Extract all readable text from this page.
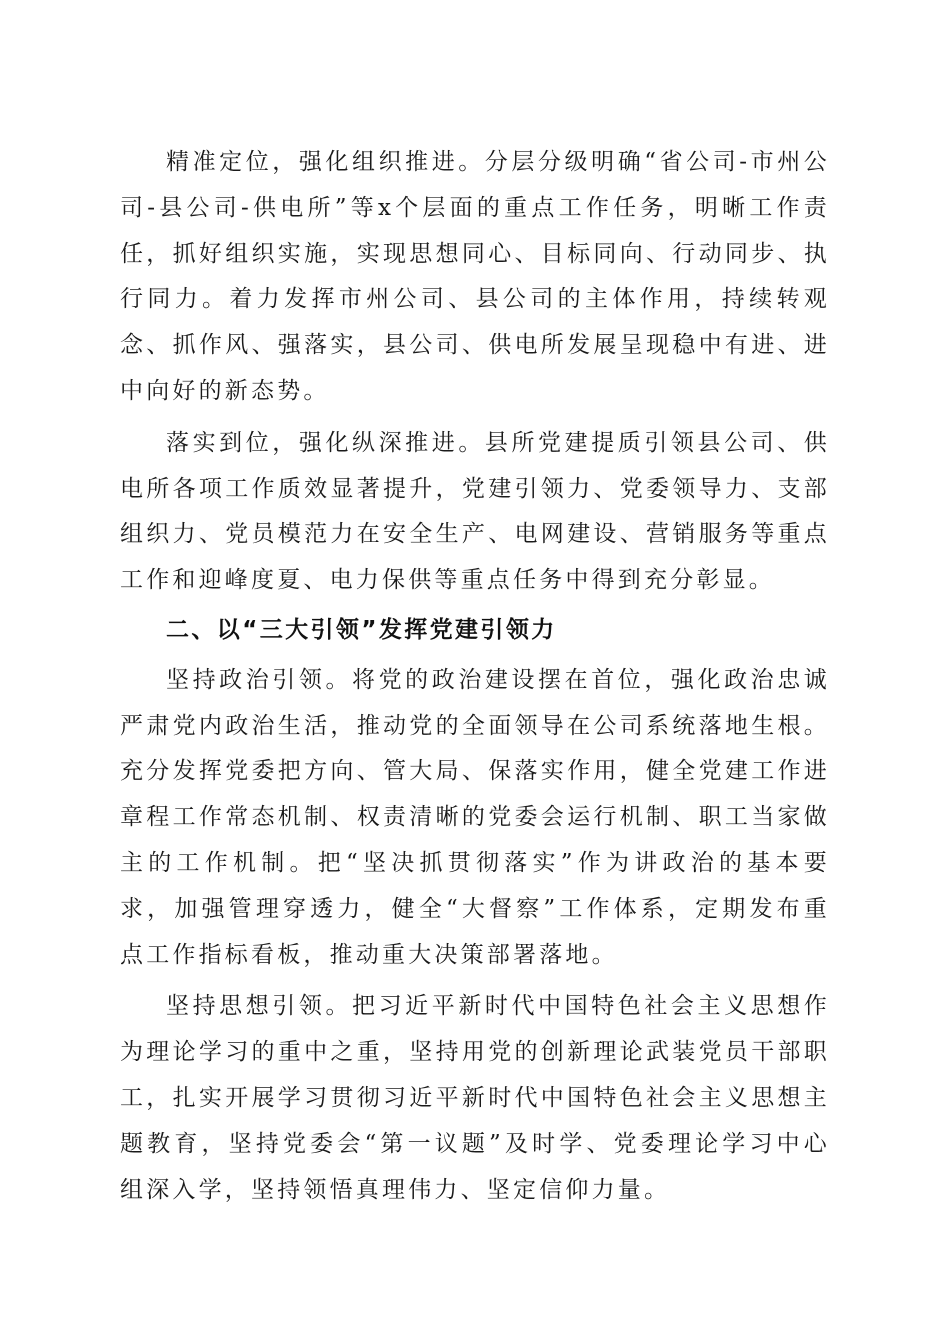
精准定位，强化组织推进。分层分级明确“省公司-市州公司-县公司-供电所”等x个层面的重点工作任务，明晰工作责任，抓好组织实施，实现思想同心、目标同向、行动同步、执行同力。着力发挥市州公司、县公司的主体作用，持续转观念、抓作风、强落实，县公司、供电所发展呈现稳中有进、进中向好的新态势。

落实到位，强化纵深推进。县所党建提质引领县公司、供电所各项工作质效显著提升，党建引领力、党委领导力、支部组织力、党员模范力在安全生产、电网建设、营销服务等重点工作和迎峰度夏、电力保供等重点任务中得到充分彰显。

二、以“三大引领”发挥党建引领力

坚持政治引领。将党的政治建设摆在首位，强化政治忠诚严肃党内政治生活，推动党的全面领导在公司系统落地生根。充分发挥党委把方向、管大局、保落实作用，健全党建工作进章程工作常态机制、权责清晰的党委会运行机制、职工当家做主的工作机制。把“坚决抓贯彻落实”作为讲政治的基本要求，加强管理穿透力，健全“大督察”工作体系，定期发布重点工作指标看板，推动重大决策部署落地。

坚持思想引领。把习近平新时代中国特色社会主义思想作为理论学习的重中之重，坚持用党的创新理论武装党员干部职工，扎实开展学习贯彻习近平新时代中国特色社会主义思想主题教育，坚持党委会“第一议题”及时学、党委理论学习中心组深入学，坚持领悟真理伟力、坚定信仰力量。
